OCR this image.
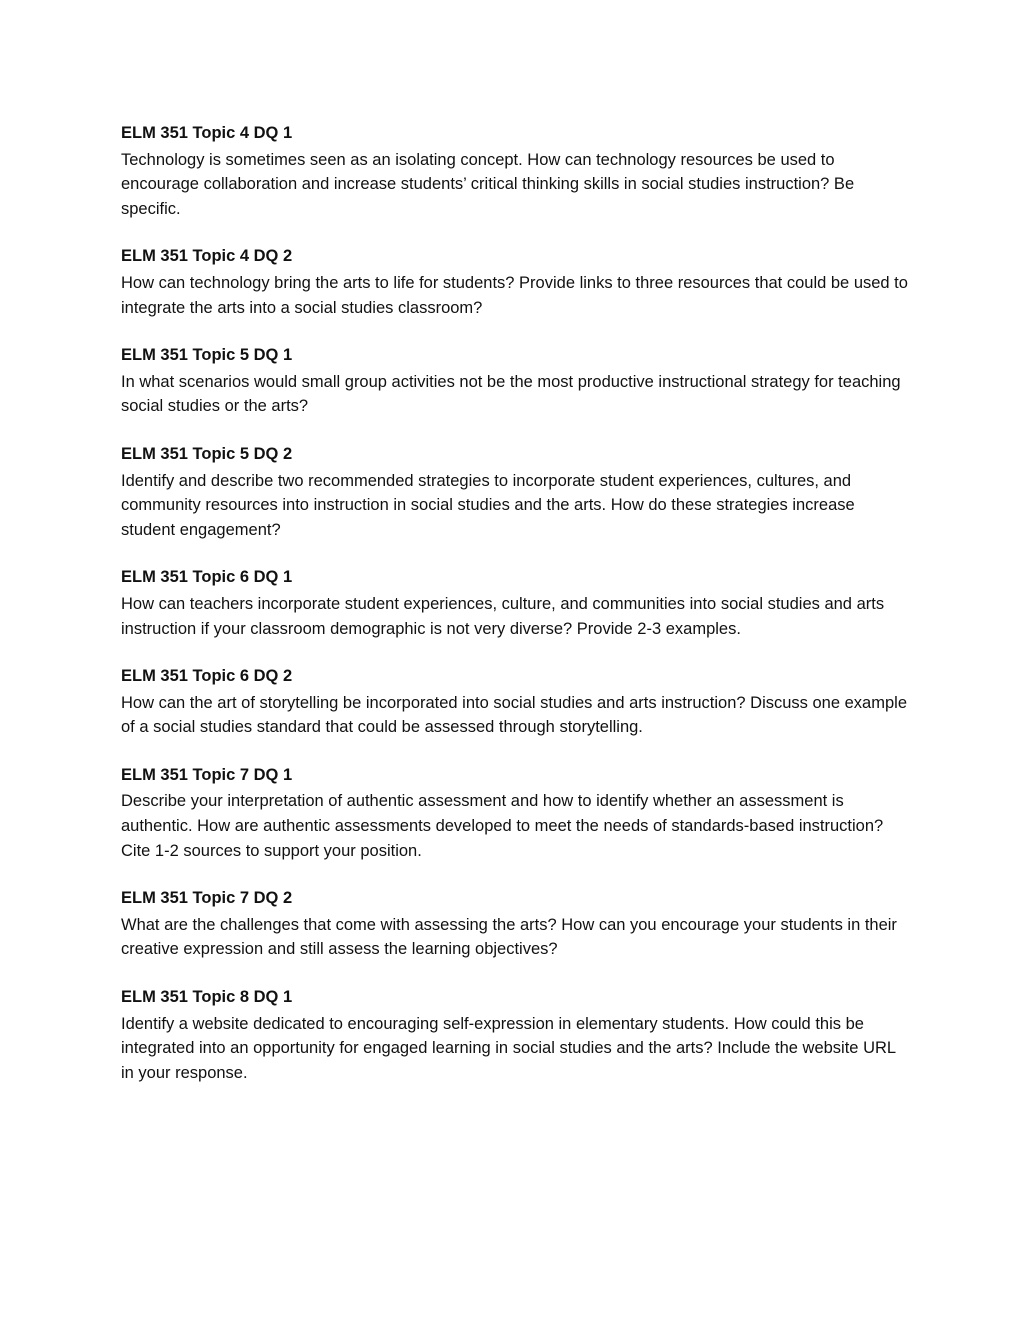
ELM 351 Topic 4 DQ 1

Technology is sometimes seen as an isolating concept. How can technology resources be used to encourage collaboration and increase students’ critical thinking skills in social studies instruction? Be specific.

ELM 351 Topic 4 DQ 2

How can technology bring the arts to life for students? Provide links to three resources that could be used to integrate the arts into a social studies classroom?

ELM 351 Topic 5 DQ 1

In what scenarios would small group activities not be the most productive instructional strategy for teaching social studies or the arts?

ELM 351 Topic 5 DQ 2

Identify and describe two recommended strategies to incorporate student experiences, cultures, and community resources into instruction in social studies and the arts. How do these strategies increase student engagement?

ELM 351 Topic 6 DQ 1

How can teachers incorporate student experiences, culture, and communities into social studies and arts instruction if your classroom demographic is not very diverse? Provide 2-3 examples.

ELM 351 Topic 6 DQ 2

How can the art of storytelling be incorporated into social studies and arts instruction? Discuss one example of a social studies standard that could be assessed through storytelling.

ELM 351 Topic 7 DQ 1

Describe your interpretation of authentic assessment and how to identify whether an assessment is authentic. How are authentic assessments developed to meet the needs of standards-based instruction? Cite 1-2 sources to support your position.

ELM 351 Topic 7 DQ 2

What are the challenges that come with assessing the arts? How can you encourage your students in their creative expression and still assess the learning objectives?

ELM 351 Topic 8 DQ 1

Identify a website dedicated to encouraging self-expression in elementary students. How could this be integrated into an opportunity for engaged learning in social studies and the arts? Include the website URL in your response.
